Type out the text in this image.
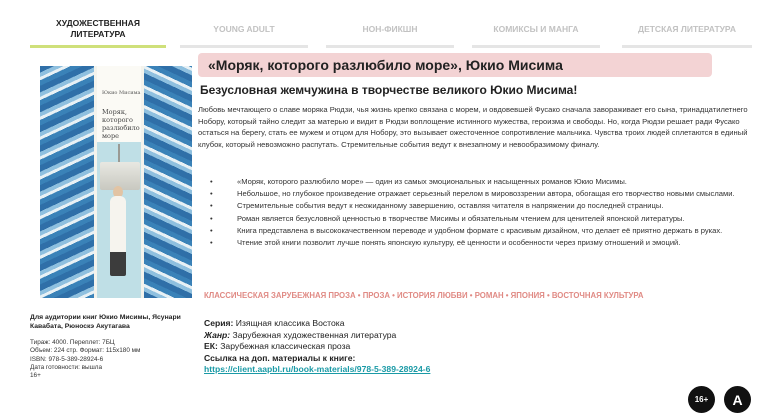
ХУДОЖЕСТВЕННАЯ ЛИТЕРАТУРА
YOUNG ADULT	НОН-ФИКШН	КОМИКСЫ И МАНГА	ДЕТСКАЯ ЛИТЕРАТУРА
Юкио Мисима
Моряк, которого разлюбило море
«Моряк, которого разлюбило море», Юкио Мисима
Безусловная жемчужина в творчестве великого Юкио Мисима!
Любовь мечтающего о славе моряка Рюдзи, чья жизнь крепко связана с морем, и овдовевшей Фусако сначала завораживает его сына, тринадцатилетнего Нобору, который тайно следит за матерью и видит в Рюдзи воплощение истинного мужества, героизма и свободы. Но, когда Рюдзи решает ради Фусако остаться на берегу, стать ее мужем и отцом для Нобору, это вызывает ожесточенное сопротивление мальчика. Чувства троих людей сплетаются в единый клубок, который невозможно распутать. Стремительные события ведут к внезапному и невообразимому финалу.
•	«Моряк, которого разлюбило море» — один из самых эмоциональных и насыщенных романов Юкио Мисимы.
•	Небольшое, но глубокое произведение отражает серьезный перелом в мировоззрении автора, обогащая его творчество новыми смыслами.
•	Стремительные события ведут к неожиданному завершению, оставляя читателя в напряжении до последней страницы.
•	Роман является безусловной ценностью в творчестве Мисимы и обязательным чтением для ценителей японской литературы.
•	Книга представлена в высококачественном переводе и удобном формате с красивым дизайном, что делает её приятно держать в руках.
•	Чтение этой книги позволит лучше понять японскую культуру, её ценности и особенности через призму отношений и эмоций.
КЛАССИЧЕСКАЯ ЗАРУБЕЖНАЯ ПРОЗА • ПРОЗА • ИСТОРИЯ ЛЮБВИ • РОМАН • ЯПОНИЯ • ВОСТОЧНАЯ КУЛЬТУРА
Серия: Изящная классика Востока
Жанр: Зарубежная художественная литература
ЕК: Зарубежная классическая проза
Ссылка на доп. материалы к книге:
https://client.aapbl.ru/book-materials/978-5-389-28924-6
Для аудитории книг Юкио Мисимы, Ясунари Кавабата, Рюноскэ Акутагава
Тираж: 4000. Переплет: 7БЦ
Объем: 224 стр. Формат: 115x180 мм
ISBN: 978-5-389-28924-6
Дата готовности: вышла
16+
16+	A
